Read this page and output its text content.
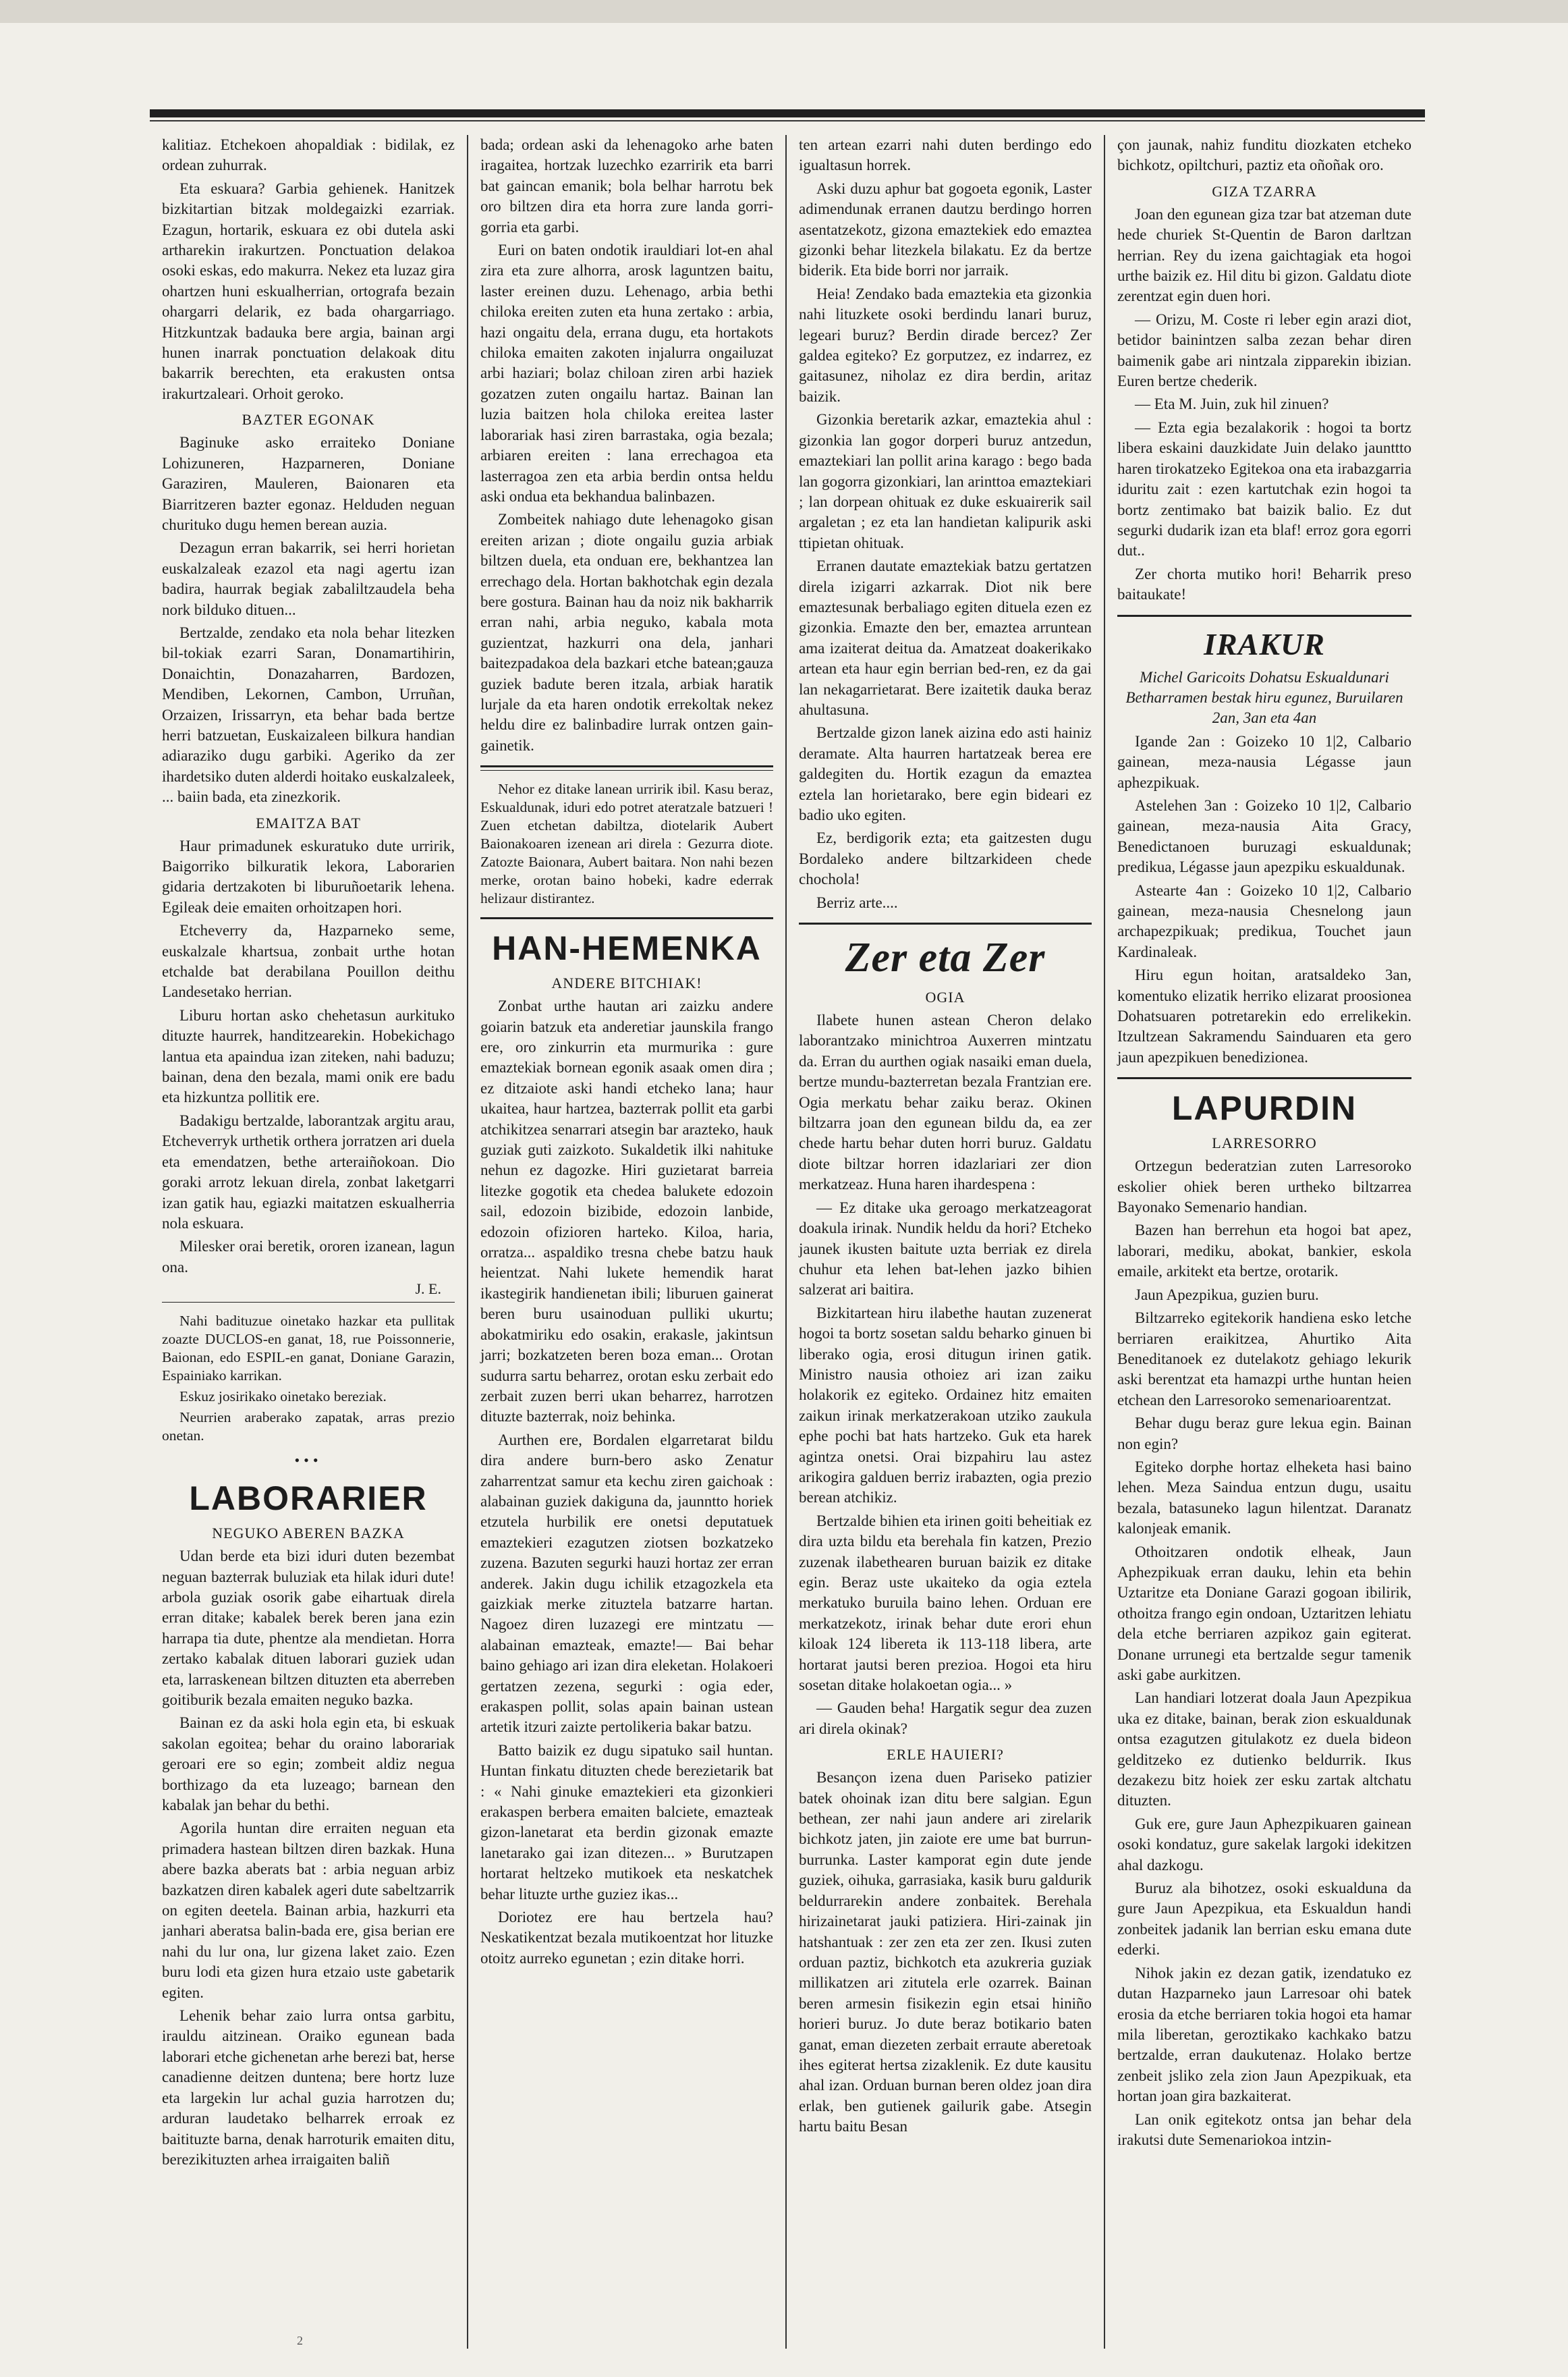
kalitiaz. Etchekoen ahopaldiak : bidilak, ez ordean zuhurrak.

Eta eskuara? Garbia gehienek. Hanitzek bizkitartian bitzak moldegaizki ezarriak. Ezagun, hortarik, eskuara ez obi dutela aski artharekin irakurtzen. Ponctuation delakoa osoki eskas, edo makurra. Nekez eta luzaz gira ohartzen huni eskualherrian, ortografa bezain ohargarri delarik, ez bada ohargarriago. Hitzkuntzak badauka bere argia, bainan argi hunen inarrak ponctuation delakoak ditu bakarrik berechten, eta erakusten ontsa irakurtzaleari. Orhoit geroko.

BAZTER EGONAK

Baginuke asko erraiteko Doniane Lohizuneren, Hazparneren, Doniane Garaziren, Mauleren, Baionaren eta Biarritzeren bazter egonaz. Helduden neguan churituko dugu hemen berean auzia.

Dezagun erran bakarrik, sei herri horietan euskalzaleak ezazol eta nagi agertu izan badira, haurrak begiak zabaliltzaudela beha nork bilduko dituen...

Bertzalde, zendako eta nola behar litezken bil-tokiak ezarri Saran, Donamartihirin, Donaichtin, Donazaharren, Bardozen, Mendiben, Lekornen, Cambon, Urruñan, Orzaizen, Irissarryn, eta behar bada bertze herri batzuetan, Euskaizaleen bilkura handian adiaraziko dugu garbiki. Ageriko da zer ihardetsiko duten alderdi hoitako euskalzaleek, ... baiin bada, eta zinezkorik.

EMAITZA BAT

Haur primadunek eskuratuko dute urririk, Baigorriko bilkuratik lekora, Laborarien gidaria dertzakoten bi liburuñoetarik lehena. Egileak deie emaiten orhoitzapen hori.

Etcheverry da, Hazparneko seme, euskalzale khartsua, zonbait urthe hotan etchalde bat derabilana Pouillon deithu Landesetako herrian.

Liburu hortan asko chehetasun aurkituko dituzte haurrek, handitzearekin. Hobekichago lantua eta apaindua izan ziteken, nahi baduzu; bainan, dena den bezala, mami onik ere badu eta hizkuntza pollitik ere.

Badakigu bertzalde, laborantzak argitu arau, Etcheverryk urthetik orthera jorratzen ari duela eta emendatzen, bethe arteraiñokoan. Dio goraki arrotz lekuan direla, zonbat laketgarri izan gatik hau, egiazki maitatzen eskualherria nola eskuara.

Milesker orai beretik, ororen izanean, lagun ona.

J. E.

Nahi badituzue oinetako hazkar eta pullitak zoazte DUCLOS-en ganat, 18, rue Poissonnerie, Baionan, edo ESPIL-en ganat, Doniane Garazin, Espainiako karrikan.

Eskuz josirikako oinetako bereziak.

Neurrien araberako zapatak, arras prezio onetan.

•••
LABORARIER
NEGUKO ABEREN BAZKA

Udan berde eta bizi iduri duten bezembat neguan bazterrak buluziak eta hilak iduri dute! arbola guziak osorik gabe eihartuak direla erran ditake; kabalek berek beren jana ezin harrapa tia dute, phentze ala mendietan. Horra zertako kabalak dituen laborari guziek udan eta, larraskenean biltzen dituzten eta aberreben goitiburik bezala emaiten neguko bazka.

Bainan ez da aski hola egin eta, bi eskuak sakolan egoitea; behar du oraino laborariak geroari ere so egin; zombeit aldiz negua borthizago da eta luzeago; barnean den kabalak jan behar du bethi.

Agorila huntan dire erraiten neguan eta primadera hastean biltzen diren bazkak. Huna abere bazka aberats bat : arbia neguan arbiz bazkatzen diren kabalek ageri dute sabeltzarrik on egiten deetela. Bainan arbia, hazkurri eta janhari aberatsa balin-bada ere, gisa berian ere nahi du lur ona, lur gizena laket zaio. Ezen buru lodi eta gizen hura etzaio uste gabetarik egiten.

Lehenik behar zaio lurra ontsa garbitu, irauldu aitzinean. Oraiko egunean bada laborari etche gichenetan arhe berezi bat, herse canadienne deitzen duntena; bere hortz luze eta largekin lur achal guzia harrotzen du; arduran laudetako belharrek erroak ez baitituzte barna, denak harroturik emaiten ditu, berezikituzten arhea irraigaiten baliñ

bada; ordean aski da lehenagoko arhe baten iragaitea, hortzak luzechko ezarririk eta barri bat gaincan emanik; bola belhar harrotu bek oro biltzen dira eta horra zure landa gorri-gorria eta garbi.

Euri on baten ondotik irauldiari lot-en ahal zira eta zure alhorra, arosk laguntzen baitu, laster ereinen duzu. Lehenago, arbia bethi chiloka ereiten zuten eta huna zertako : arbia, hazi ongaitu dela, errana dugu, eta hortakots chiloka emaiten zakoten injalurra ongailuzat arbi haziari; bolaz chiloan ziren arbi haziek gozatzen zuten ongailu hartaz. Bainan lan luzia baitzen hola chiloka ereitea laster laborariak hasi ziren barrastaka, ogia bezala; arbiaren ereiten : lana errechagoa eta lasterragoa zen eta arbia berdin ontsa heldu aski ondua eta bekhandua balinbazen.

Zombeitek nahiago dute lehenagoko gisan ereiten arizan ; diote ongailu guzia arbiak biltzen duela, eta onduan ere, bekhantzea lan errechago dela. Hortan bakhotchak egin dezala bere gostura. Bainan hau da noiz nik bakharrik erran nahi, arbia neguko, kabala mota guzientzat, hazkurri ona dela, janhari baitezpadakoa dela bazkari etche batean;gauza guziek badute beren itzala, arbiak haratik lurjale da eta haren ondotik errekoltak nekez heldu dire ez balinbadire lurrak ontzen gain-gainetik.

Nehor ez ditake lanean urririk ibil. Kasu beraz, Eskualdunak, iduri edo potret ateratzale batzueri ! Zuen etchetan dabiltza, diotelarik Aubert Baionakoaren izenean ari direla : Gezurra diote. Zatozte Baionara, Aubert baitara. Non nahi bezen merke, orotan baino hobeki, kadre ederrak helizaur distirantez.

HAN-HEMENKA
ANDERE BITCHIAK!

Zonbat urthe hautan ari zaizku andere goiarin batzuk eta anderetiar jaunskila frango ere, oro zinkurrin eta murmurika : gure emaztekiak bornean egonik asaak omen dira ; ez ditzaiote aski handi etcheko lana; haur ukaitea, haur hartzea, bazterrak pollit eta garbi atchikitzea senarrari atsegin bar arazteko, hauk guziak guti zaizkoto. Sukaldetik ilki nahituke nehun ez dagozke. Hiri guzietarat barreia litezke gogotik eta chedea balukete edozoin sail, edozoin bizibide, edozoin lanbide, edozoin ofizioren harteko. Kiloa, haria, orratza... aspaldiko tresna chebe batzu hauk heientzat. Nahi lukete hemendik harat ikastegirik handienetan ibili; liburuen gainerat beren buru usainoduan pulliki ukurtu; abokatmiriku edo osakin, erakasle, jakintsun jarri; bozkatzeten beren boza eman... Orotan sudurra sartu beharrez, orotan esku zerbait edo zerbait zuzen berri ukan beharrez, harrotzen dituzte bazterrak, noiz behinka.

Aurthen ere, Bordalen elgarretarat bildu dira andere burn-bero asko Zenatur zaharrentzat samur eta kechu ziren gaichoak : alabainan guziek dakiguna da, jaunntto horiek etzutela hurbilik ere onetsi deputatuek emaztekieri ezagutzen ziotsen bozkatzeko zuzena. Bazuten segurki hauzi hortaz zer erran anderek. Jakin dugu ichilik etzagozkela eta gaizkiak merke zituztela batzarre hartan. Nagoez diren luzazegi ere mintzatu — alabainan emazteak, emazte!— Bai behar baino gehiago ari izan dira eleketan. Holakoeri gertatzen zezena, segurki : ogia eder, erakaspen pollit, solas apain bainan ustean artetik itzuri zaizte pertolikeria bakar batzu.

Batto baizik ez dugu sipatuko sail huntan. Huntan finkatu dituzten chede berezietarik bat : « Nahi ginuke emaztekieri eta gizonkieri erakaspen berbera emaiten balciete, emazteak gizon-lanetarat eta berdin gizonak emazte lanetarako gai izan ditezen... » Burutzapen hortarat heltzeko mutikoek eta neskatchek behar lituzte urthe guziez ikas...

Doriotez ere hau bertzela hau? Neskatikentzat bezala mutikoentzat hor lituzke otoitz aurreko egunetan ; ezin ditake horri.

ten artean ezarri nahi duten berdingo edo igualtasun horrek.

Aski duzu aphur bat gogoeta egonik, Laster adimendunak erranen dautzu berdingo horren asentatzekotz, gizona emaztekiek edo emaztea gizonki behar litezkela bilakatu. Ez da bertze biderik. Eta bide borri nor jarraik.

Heia! Zendako bada emaztekia eta gizonkia nahi lituzkete osoki berdindu lanari buruz, legeari buruz? Berdin dirade bercez? Zer galdea egiteko? Ez gorputzez, ez indarrez, ez gaitasunez, niholaz ez dira berdin, aritaz baizik.

Gizonkia beretarik azkar, emaztekia ahul : gizonkia lan gogor dorperi buruz antzedun, emaztekiari lan pollit arina karago : bego bada lan gogorra gizonkiari, lan arinttoa emaztekiari ; lan dorpean ohituak ez duke eskuairerik sail argaletan ; ez eta lan handietan kalipurik aski ttipietan ohituak.

Erranen dautate emaztekiak batzu gertatzen direla izigarri azkarrak. Diot nik bere emaztesunak berbaliago egiten dituela ezen ez gizonkia. Emazte den ber, emaztea arruntean ama izaiterat deitua da. Amatzeat doakerikako artean eta haur egin berrian bed-ren, ez da gai lan nekagarrietarat. Bere izaitetik dauka beraz ahultasuna.

Bertzalde gizon lanek aizina edo asti hainiz deramate. Alta haurren hartatzeak berea ere galdegiten du. Hortik ezagun da emaztea eztela lan horietarako, bere egin bideari ez badio uko egiten.

Ez, berdigorik ezta; eta gaitzesten dugu Bordaleko andere biltzarkideen chede chochola!

Berriz arte....

Zer eta Zer
OGIA

Ilabete hunen astean Cheron delako laborantzako minichtroa Auxerren mintzatu da. Erran du aurthen ogiak nasaiki eman duela, bertze mundu-bazterretan bezala Frantzian ere. Ogia merkatu behar zaiku beraz. Okinen biltzarra joan den egunean bildu da, ea zer chede hartu behar duten horri buruz. Galdatu diote biltzar horren idazlariari zer dion merkatzeaz. Huna haren ihardespena :

— Ez ditake uka geroago merkatzeagorat doakula irinak. Nundik heldu da hori? Etcheko jaunek ikusten baitute uzta berriak ez direla chuhur eta lehen bat-lehen jazko bihien salzerat ari baitira.

Bizkitartean hiru ilabethe hautan zuzenerat hogoi ta bortz sosetan saldu beharko ginuen bi liberako ogia, erosi ditugun irinen gatik. Ministro nausia othoiez ari izan zaiku holakorik ez egiteko. Ordainez hitz emaiten zaikun irinak merkatzerakoan utziko zaukula ephe pochi bat hats hartzeko. Guk eta harek agintza onetsi. Orai bizpahiru lau astez arikogira galduen berriz irabazten, ogia prezio berean atchikiz.

Bertzalde bihien eta irinen goiti beheitiak ez dira uzta bildu eta berehala fin katzen, Prezio zuzenak ilabethearen buruan baizik ez ditake egin. Beraz uste ukaiteko da ogia eztela merkatuko buruila baino lehen. Orduan ere merkatzekotz, irinak behar dute erori ehun kiloak 124 libereta ik 113-118 libera, arte hortarat jautsi beren prezioa. Hogoi eta hiru sosetan ditake holakoetan ogia... »

— Gauden beha! Hargatik segur dea zuzen ari direla okinak?

ERLE HAUIERI?

Besançon izena duen Pariseko patizier batek ohoinak izan ditu bere salgian. Egun bethean, zer nahi jaun andere ari zirelarik bichkotz jaten, jin zaiote ere ume bat burrun-burrunka. Laster kamporat egin dute jende guziek, oihuka, garrasiaka, kasik buru galdurik beldurrarekin andere zonbaitek. Berehala hirizainetarat jauki patiziera. Hiri-zainak jin hatshantuak : zer zen eta zer zen. Ikusi zuten orduan paztiz, bichkotch eta azukreria guziak millikatzen ari zitutela erle ozarrek. Bainan beren armesin fisikezin egin etsai hiniño horieri buruz. Jo dute beraz botikario baten ganat, eman diezeten zerbait erraute aberetoak ihes egiterat hertsa zizaklenik. Ez dute kausitu ahal izan. Orduan burnan beren oldez joan dira erlak, ben gutienek gailurik gabe. Atsegin hartu baitu Besan

çon jaunak, nahiz funditu diozkaten etcheko bichkotz, opiltchuri, paztiz eta oñoñak oro.

GIZA TZARRA

Joan den egunean giza tzar bat atzeman dute hede churiek St-Quentin de Baron darltzan herrian. Rey du izena gaichtagiak eta hogoi urthe baizik ez. Hil ditu bi gizon. Galdatu diote zerentzat egin duen hori.

— Orizu, M. Coste ri leber egin arazi diot, betidor bainintzen salba zezan behar diren baimenik gabe ari nintzala zipparekin ibizian. Euren bertze chederik.

— Eta M. Juin, zuk hil zinuen?

— Ezta egia bezalakorik : hogoi ta bortz libera eskaini dauzkidate Juin delako jaunttto haren tirokatzeko Egitekoa ona eta irabazgarria iduritu zait : ezen kartutchak ezin hogoi ta bortz zentimako bat baizik balio. Ez dut segurki dudarik izan eta blaf! erroz gora egorri dut..

Zer chorta mutiko hori! Beharrik preso baitaukate!

IRAKUR

Michel Garicoits Dohatsu Eskualdunari Betharramen bestak hiru egunez, Buruilaren 2an, 3an eta 4an

Igande 2an : Goizeko 10 1|2, Calbario gainean, meza-nausia Légasse jaun aphezpikuak.

Astelehen 3an : Goizeko 10 1|2, Calbario gainean, meza-nausia Aita Gracy, Benedictanoen buruzagi eskualdunak; predikua, Légasse jaun apezpiku eskualdunak.

Astearte 4an : Goizeko 10 1|2, Calbario gainean, meza-nausia Chesnelong jaun archapezpikuak; predikua, Touchet jaun Kardinaleak.

Hiru egun hoitan, aratsaldeko 3an, komentuko elizatik herriko elizarat proosionea Dohatsuaren potretarekin edo errelikekin. Itzultzean Sakramendu Sainduaren eta gero jaun apezpikuen benedizionea.

LAPURDIN
LARRESORRO

Ortzegun bederatzian zuten Larresoroko eskolier ohiek beren urtheko biltzarrea Bayonako Semenario handian.

Bazen han berrehun eta hogoi bat apez, laborari, mediku, abokat, bankier, eskola emaile, arkitekt eta bertze, orotarik.

Jaun Apezpikua, guzien buru.

Biltzarreko egitekorik handiena esko letche berriaren eraikitzea, Ahurtiko Aita Beneditanoek ez dutelakotz gehiago lekurik aski berentzat eta hamazpi urthe huntan heien etchean den Larresoroko semenarioarentzat.

Behar dugu beraz gure lekua egin. Bainan non egin?

Egiteko dorphe hortaz elheketa hasi baino lehen. Meza Saindua entzun dugu, usaitu bezala, batasuneko lagun hilentzat. Daranatz kalonjeak emanik.

Othoitzaren ondotik elheak, Jaun Aphezpikuak erran dauku, lehin eta behin Uztaritze eta Doniane Garazi gogoan ibilirik, othoitza frango egin ondoan, Uztaritzen lehiatu dela etche berriaren azpikoz gain egiterat. Donane urrunegi eta bertzalde segur tamenik aski gabe aurkitzen.

Lan handiari lotzerat doala Jaun Apezpikua uka ez ditake, bainan, berak zion eskualdunak ontsa ezagutzen gitulakotz ez duela bideon gelditzeko ez dutienko beldurrik. Ikus dezakezu bitz hoiek zer esku zartak altchatu dituzten.

Guk ere, gure Jaun Aphezpikuaren gainean osoki kondatuz, gure sakelak largoki idekitzen ahal dazkogu.

Buruz ala bihotzez, osoki eskualduna da gure Jaun Apezpikua, eta Eskualdun handi zonbeitek jadanik lan berrian esku emana dute ederki.

Nihok jakin ez dezan gatik, izendatuko ez dutan Hazparneko jaun Larresoar ohi batek erosia da etche berriaren tokia hogoi eta hamar mila liberetan, geroztikako kachkako batzu bertzalde, erran daukutenaz. Holako bertze zenbeit jsliko zela zion Jaun Apezpikuak, eta hortan joan gira bazkaiterat.

Lan onik egitekotz ontsa jan behar dela irakutsi dute Semenariokoa intzin-

2
